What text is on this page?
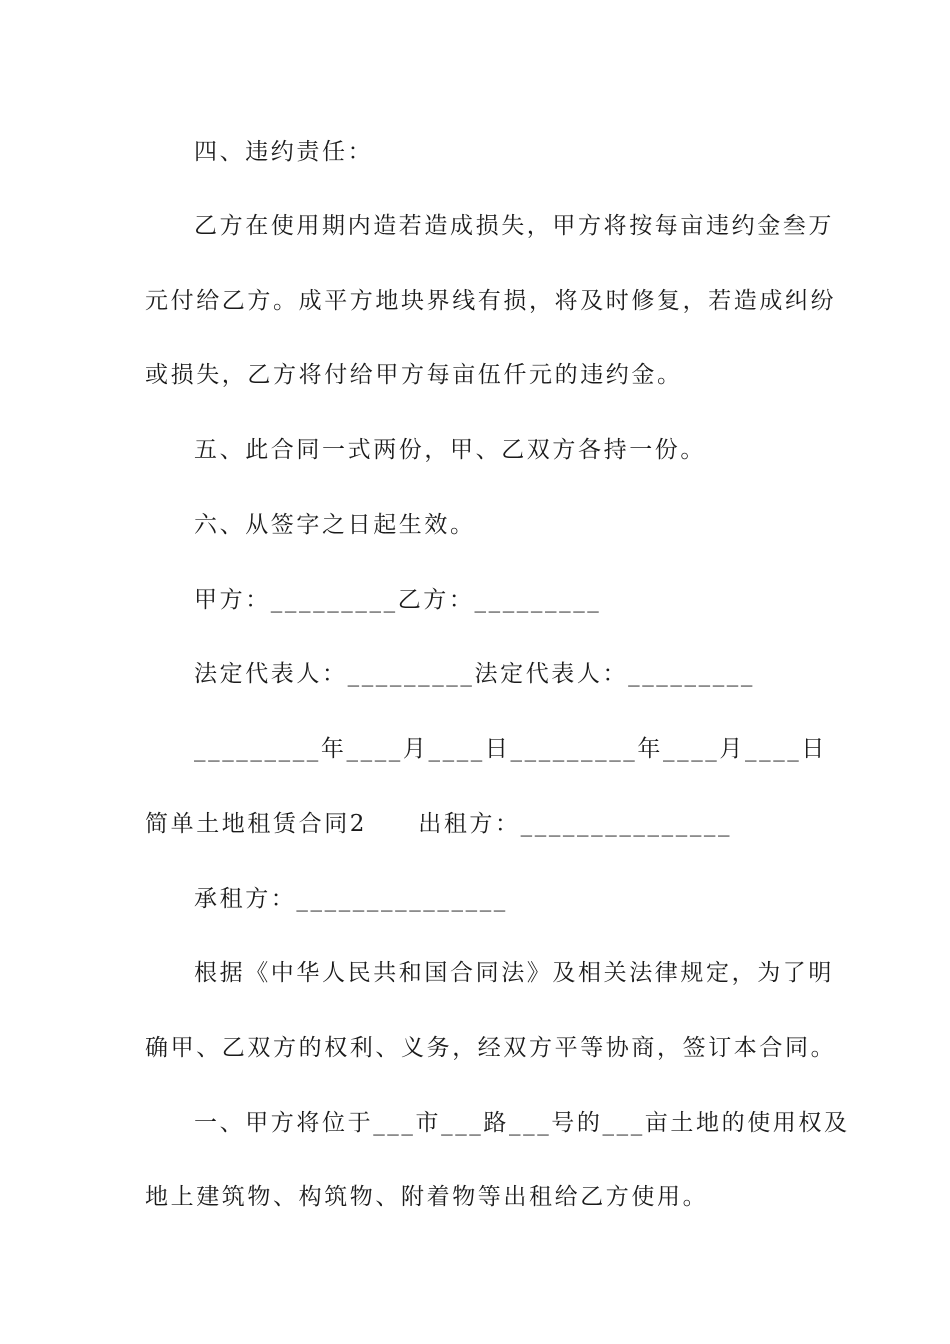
四、违约责任：
乙方在使用期内造若造成损失，甲方将按每亩违约金叁万
元付给乙方。成平方地块界线有损，将及时修复，若造成纠纷
或损失，乙方将付给甲方每亩伍仟元的违约金。
五、此合同一式两份，甲、乙双方各持一份。
六、从签字之日起生效。
甲方：_________乙方：_________
法定代表人：_________法定代表人：_________
_________年____月____日_________年____月____日
简单土地租赁合同2　　出租方：_______________
承租方：_______________
根据《中华人民共和国合同法》及相关法律规定，为了明
确甲、乙双方的权利、义务，经双方平等协商，签订本合同。
一、甲方将位于___市___路___号的___亩土地的使用权及
地上建筑物、构筑物、附着物等出租给乙方使用。
